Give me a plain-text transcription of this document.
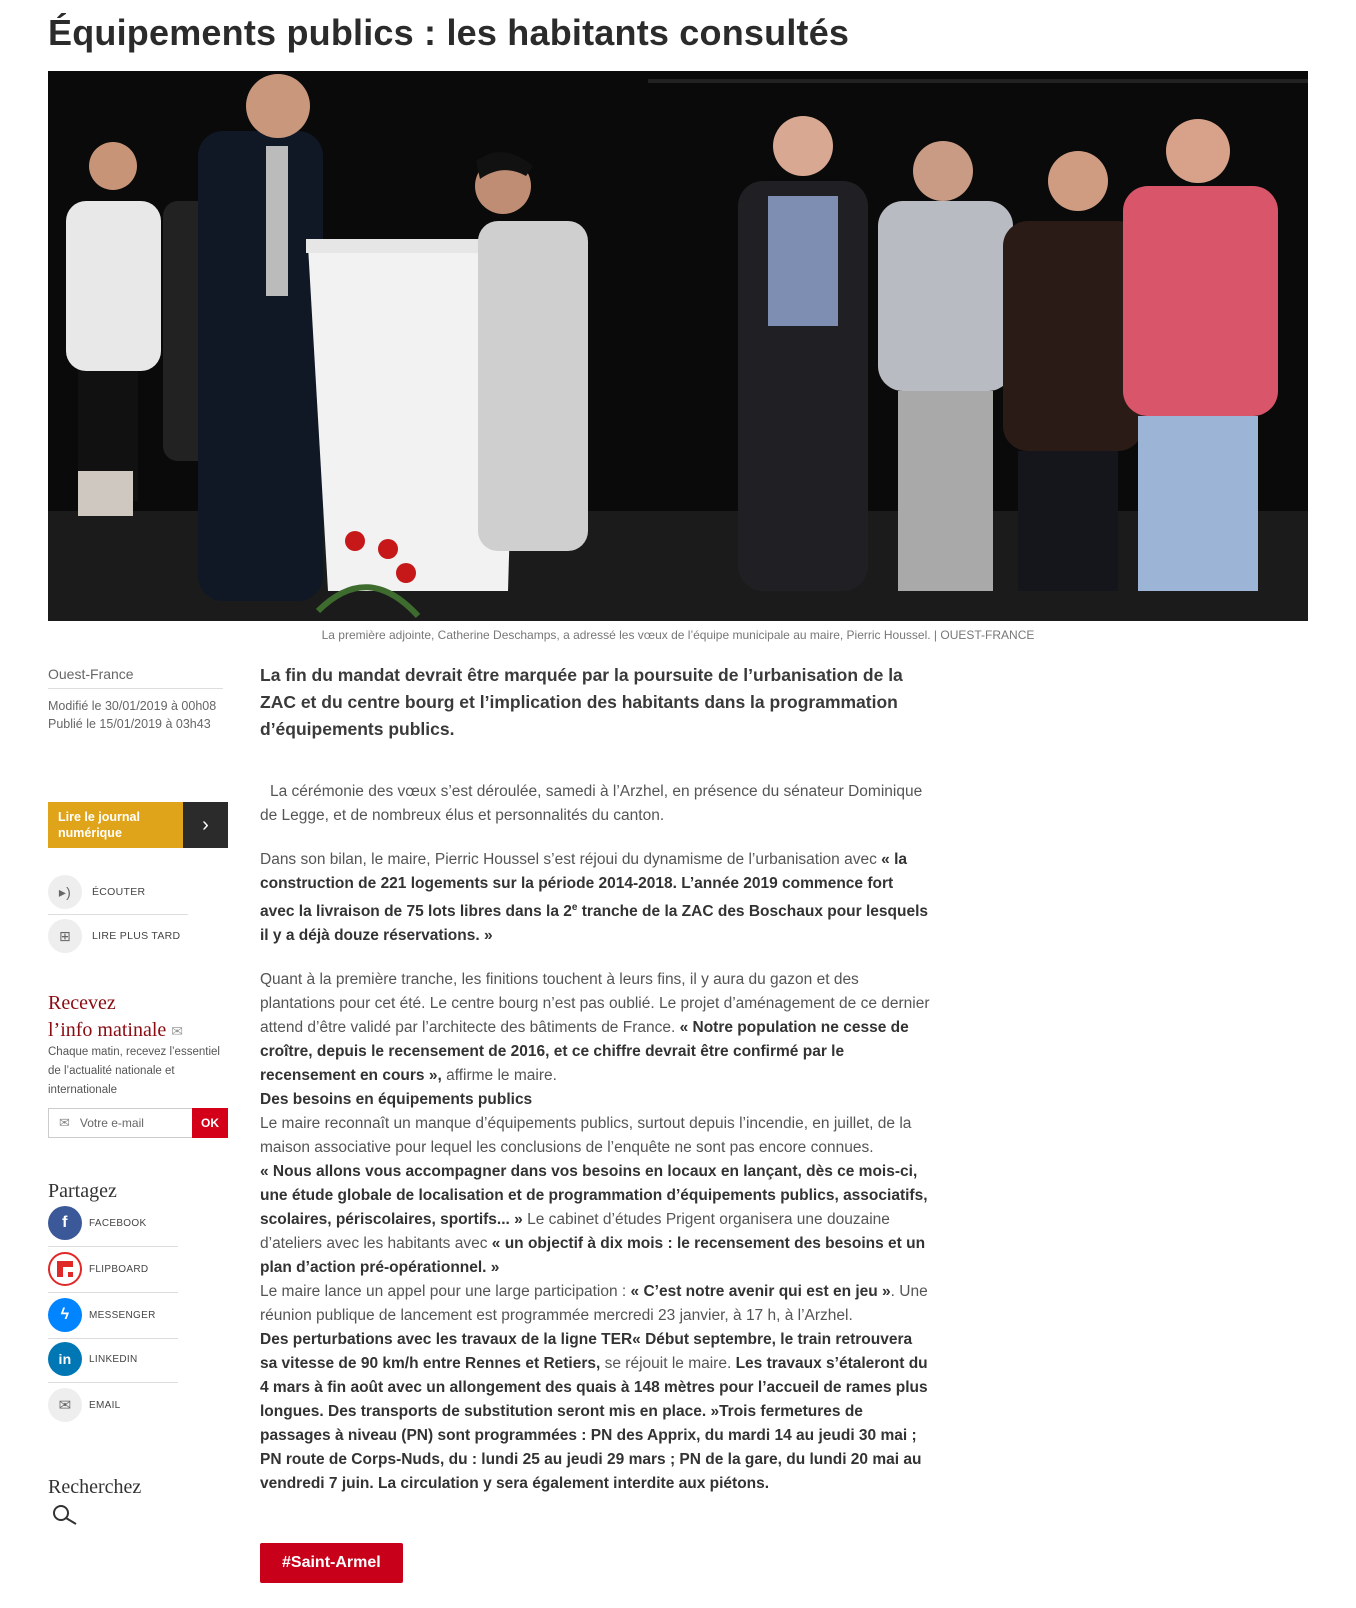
Équipements publics : les habitants consultés
La première adjointe, Catherine Deschamps, a adressé les vœux de l’équipe municipale au maire, Pierric Houssel. | OUEST-FRANCE
Ouest-France
Modifié le 30/01/2019 à 00h08
Publié le 15/01/2019 à 03h43
Lire le journal numérique	›
▸)	ÉCOUTER
⊞	LIRE PLUS TARD
Recevez
l’info matinale ✉
Chaque matin, recevez l’essentiel de l’actualité nationale et internationale
✉ Votre e-mail	OK
Partagez
f	FACEBOOK
FLIPBOARD
ϟ	MESSENGER
in	LINKEDIN
✉	EMAIL
Recherchez

La fin du mandat devrait être marquée par la poursuite de l’urbanisation de la ZAC et du centre bourg et l’implication des habitants dans la programmation d’équipements publics.

La cérémonie des vœux s’est déroulée, samedi à l’Arzhel, en présence du sénateur Dominique de Legge, et de nombreux élus et personnalités du canton.

Dans son bilan, le maire, Pierric Houssel s’est réjoui du dynamisme de l’urbanisation avec « la construction de 221 logements sur la période 2014-2018. L’année 2019 commence fort avec la livraison de 75 lots libres dans la 2e tranche de la ZAC des Boschaux pour lesquels il y a déjà douze réservations. »

Quant à la première tranche, les finitions touchent à leurs fins, il y aura du gazon et des plantations pour cet été. Le centre bourg n’est pas oublié. Le projet d’aménagement de ce dernier attend d’être validé par l’architecte des bâtiments de France. « Notre population ne cesse de croître, depuis le recensement de 2016, et ce chiffre devrait être confirmé par le recensement en cours », affirme le maire.

Des besoins en équipements publics

Le maire reconnaît un manque d’équipements publics, surtout depuis l’incendie, en juillet, de la maison associative pour lequel les conclusions de l’enquête ne sont pas encore connues.

« Nous allons vous accompagner dans vos besoins en locaux en lançant, dès ce mois-ci, une étude globale de localisation et de programmation d’équipements publics, associatifs, scolaires, périscolaires, sportifs... » Le cabinet d’études Prigent organisera une douzaine d’ateliers avec les habitants avec « un objectif à dix mois : le recensement des besoins et un plan d’action pré-opérationnel. »

Le maire lance un appel pour une large participation : « C’est notre avenir qui est en jeu ». Une réunion publique de lancement est programmée mercredi 23 janvier, à 17 h, à l’Arzhel.

Des perturbations avec les travaux de la ligne TER« Début septembre, le train retrouvera sa vitesse de 90 km/h entre Rennes et Retiers, se réjouit le maire. Les travaux s’étaleront du 4 mars à fin août avec un allongement des quais à 148 mètres pour l’accueil de rames plus longues. Des transports de substitution seront mis en place. »Trois fermetures de passages à niveau (PN) sont programmées : PN des Apprix, du mardi 14 au jeudi 30 mai ; PN route de Corps-Nuds, du : lundi 25 au jeudi 29 mars ; PN de la gare, du lundi 20 mai au vendredi 7 juin. La circulation y sera également interdite aux piétons.

#Saint-Armel
